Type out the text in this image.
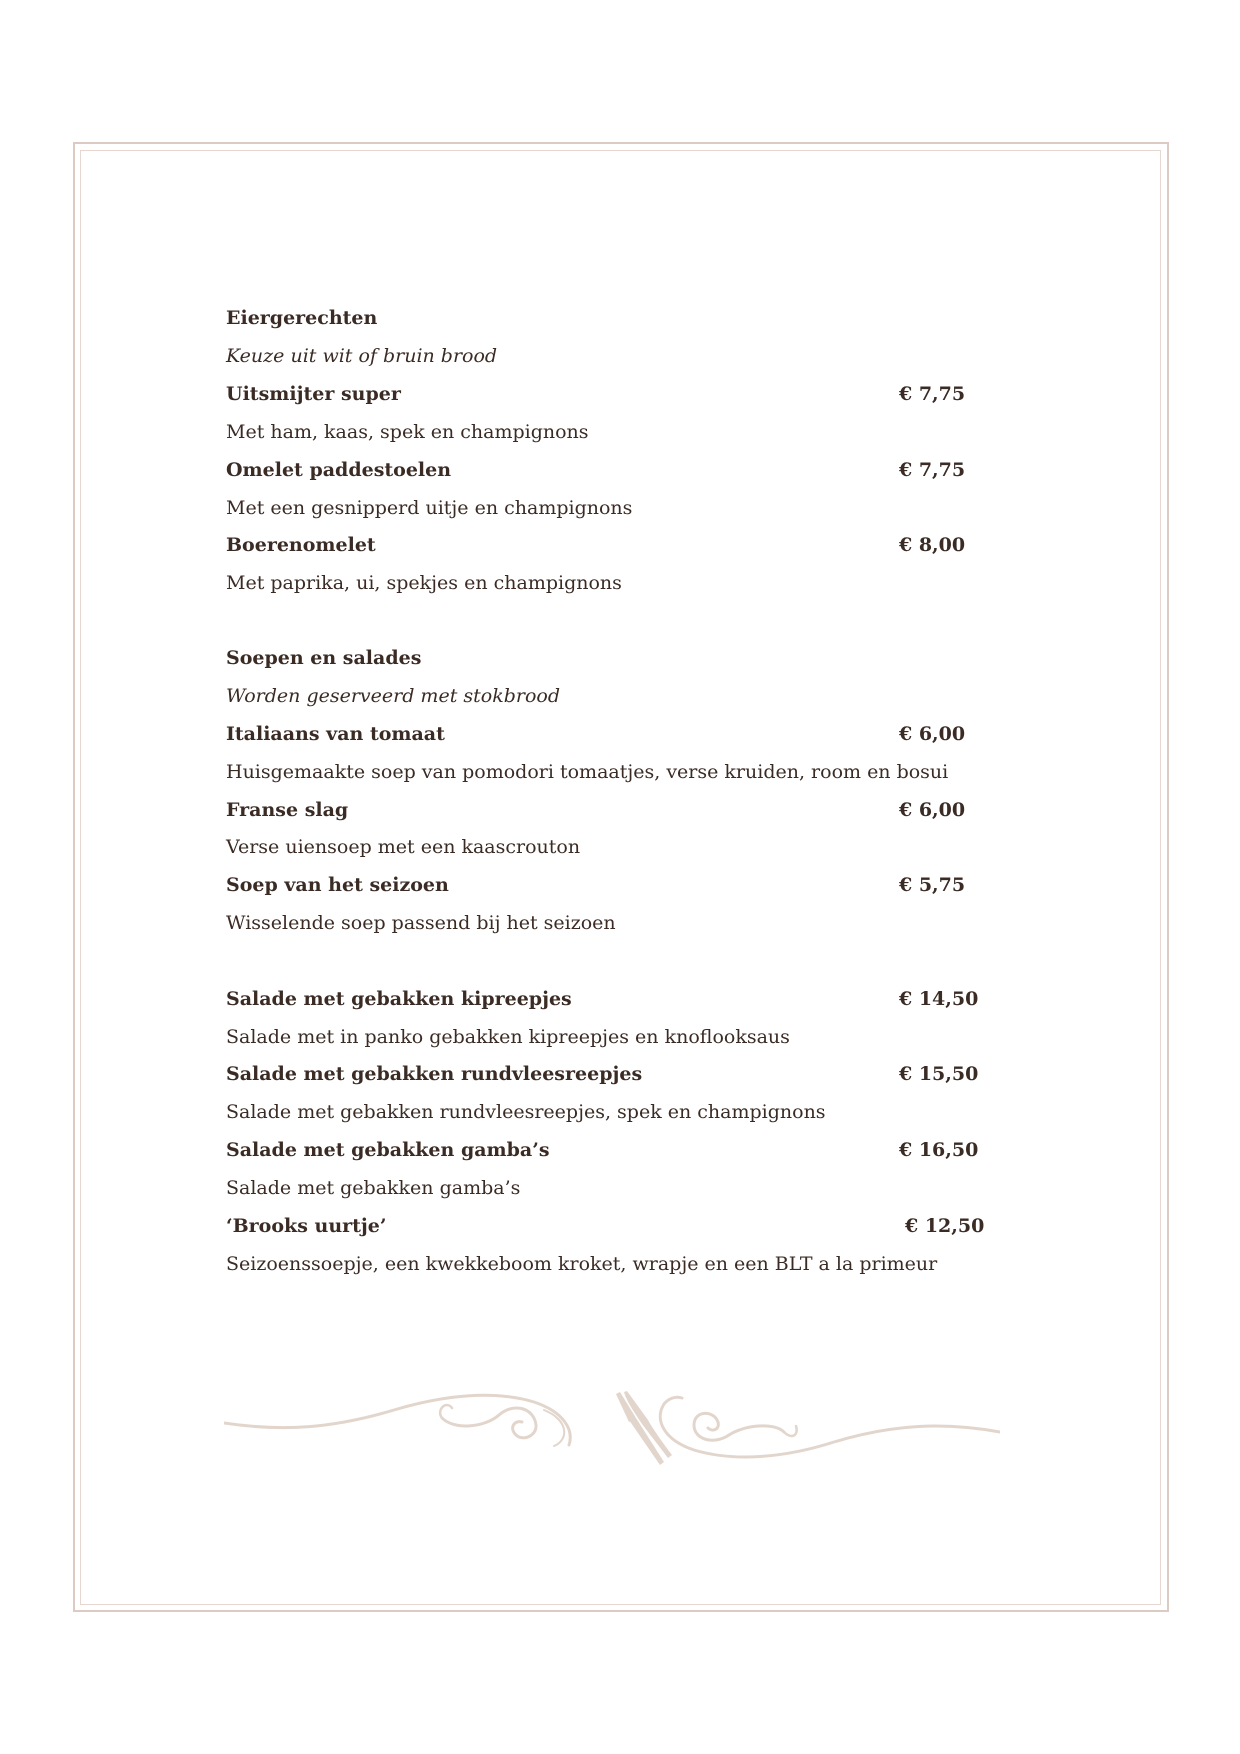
Eiergerechten
Keuze uit wit of bruin brood
Uitsmijter super	€ 7,75
Met ham, kaas, spek en champignons
Omelet paddestoelen	€ 7,75
Met een gesnipperd uitje en champignons
Boerenomelet	€ 8,00
Met paprika, ui, spekjes en champignons
Soepen en salades
Worden geserveerd met stokbrood
Italiaans van tomaat	€ 6,00
Huisgemaakte soep van pomodori tomaatjes, verse kruiden, room en bosui
Franse slag	€ 6,00
Verse uiensoep met een kaascrouton
Soep van het seizoen	€ 5,75
Wisselende soep passend bij het seizoen
Salade met gebakken kipreepjes	€ 14,50
Salade met in panko gebakken kipreepjes en knoflooksaus
Salade met gebakken rundvleesreepjes	€ 15,50
Salade met gebakken rundvleesreepjes, spek en champignons
Salade met gebakken gamba’s	€ 16,50
Salade met gebakken gamba’s
‘Brooks uurtje’	€ 12,50
Seizoenssoepje, een kwekkeboom kroket, wrapje en een BLT a la primeur
